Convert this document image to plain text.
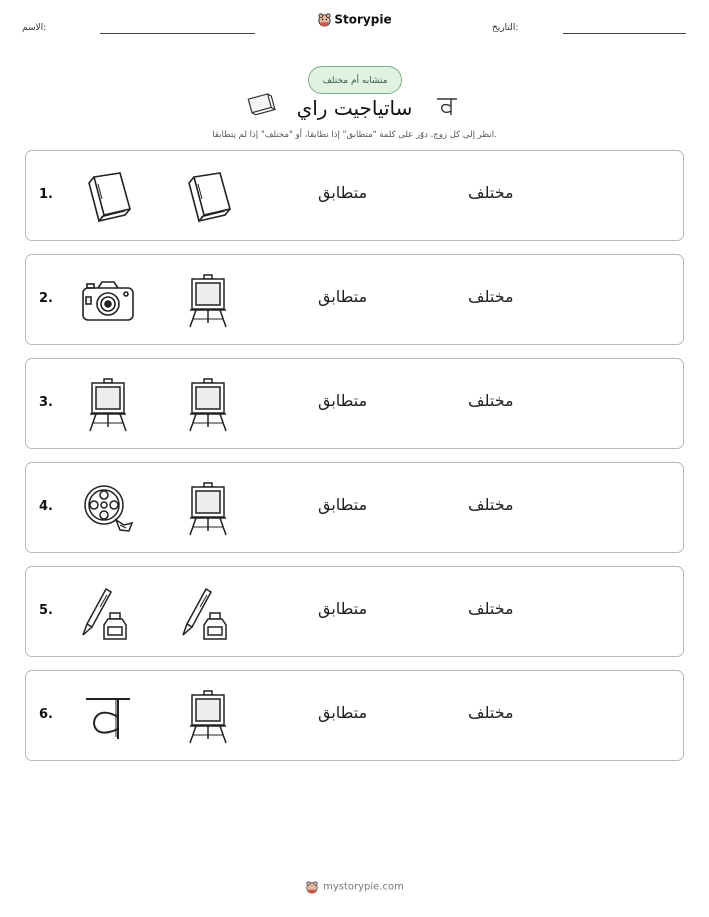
الاسم:
Storypie
التاريخ:
متشابه أم مختلف
ساتياجيت راي
انظر إلى كل زوج. دوّر على كلمة "متطابق" إذا تطابقا، أو "مختلف" إذا لم يتطابقا.
1.	متطابق	مختلف
2.	متطابق	مختلف
3.	متطابق	مختلف
4.	متطابق	مختلف
5.	متطابق	مختلف
6.	متطابق	مختلف
mystorypie.com
